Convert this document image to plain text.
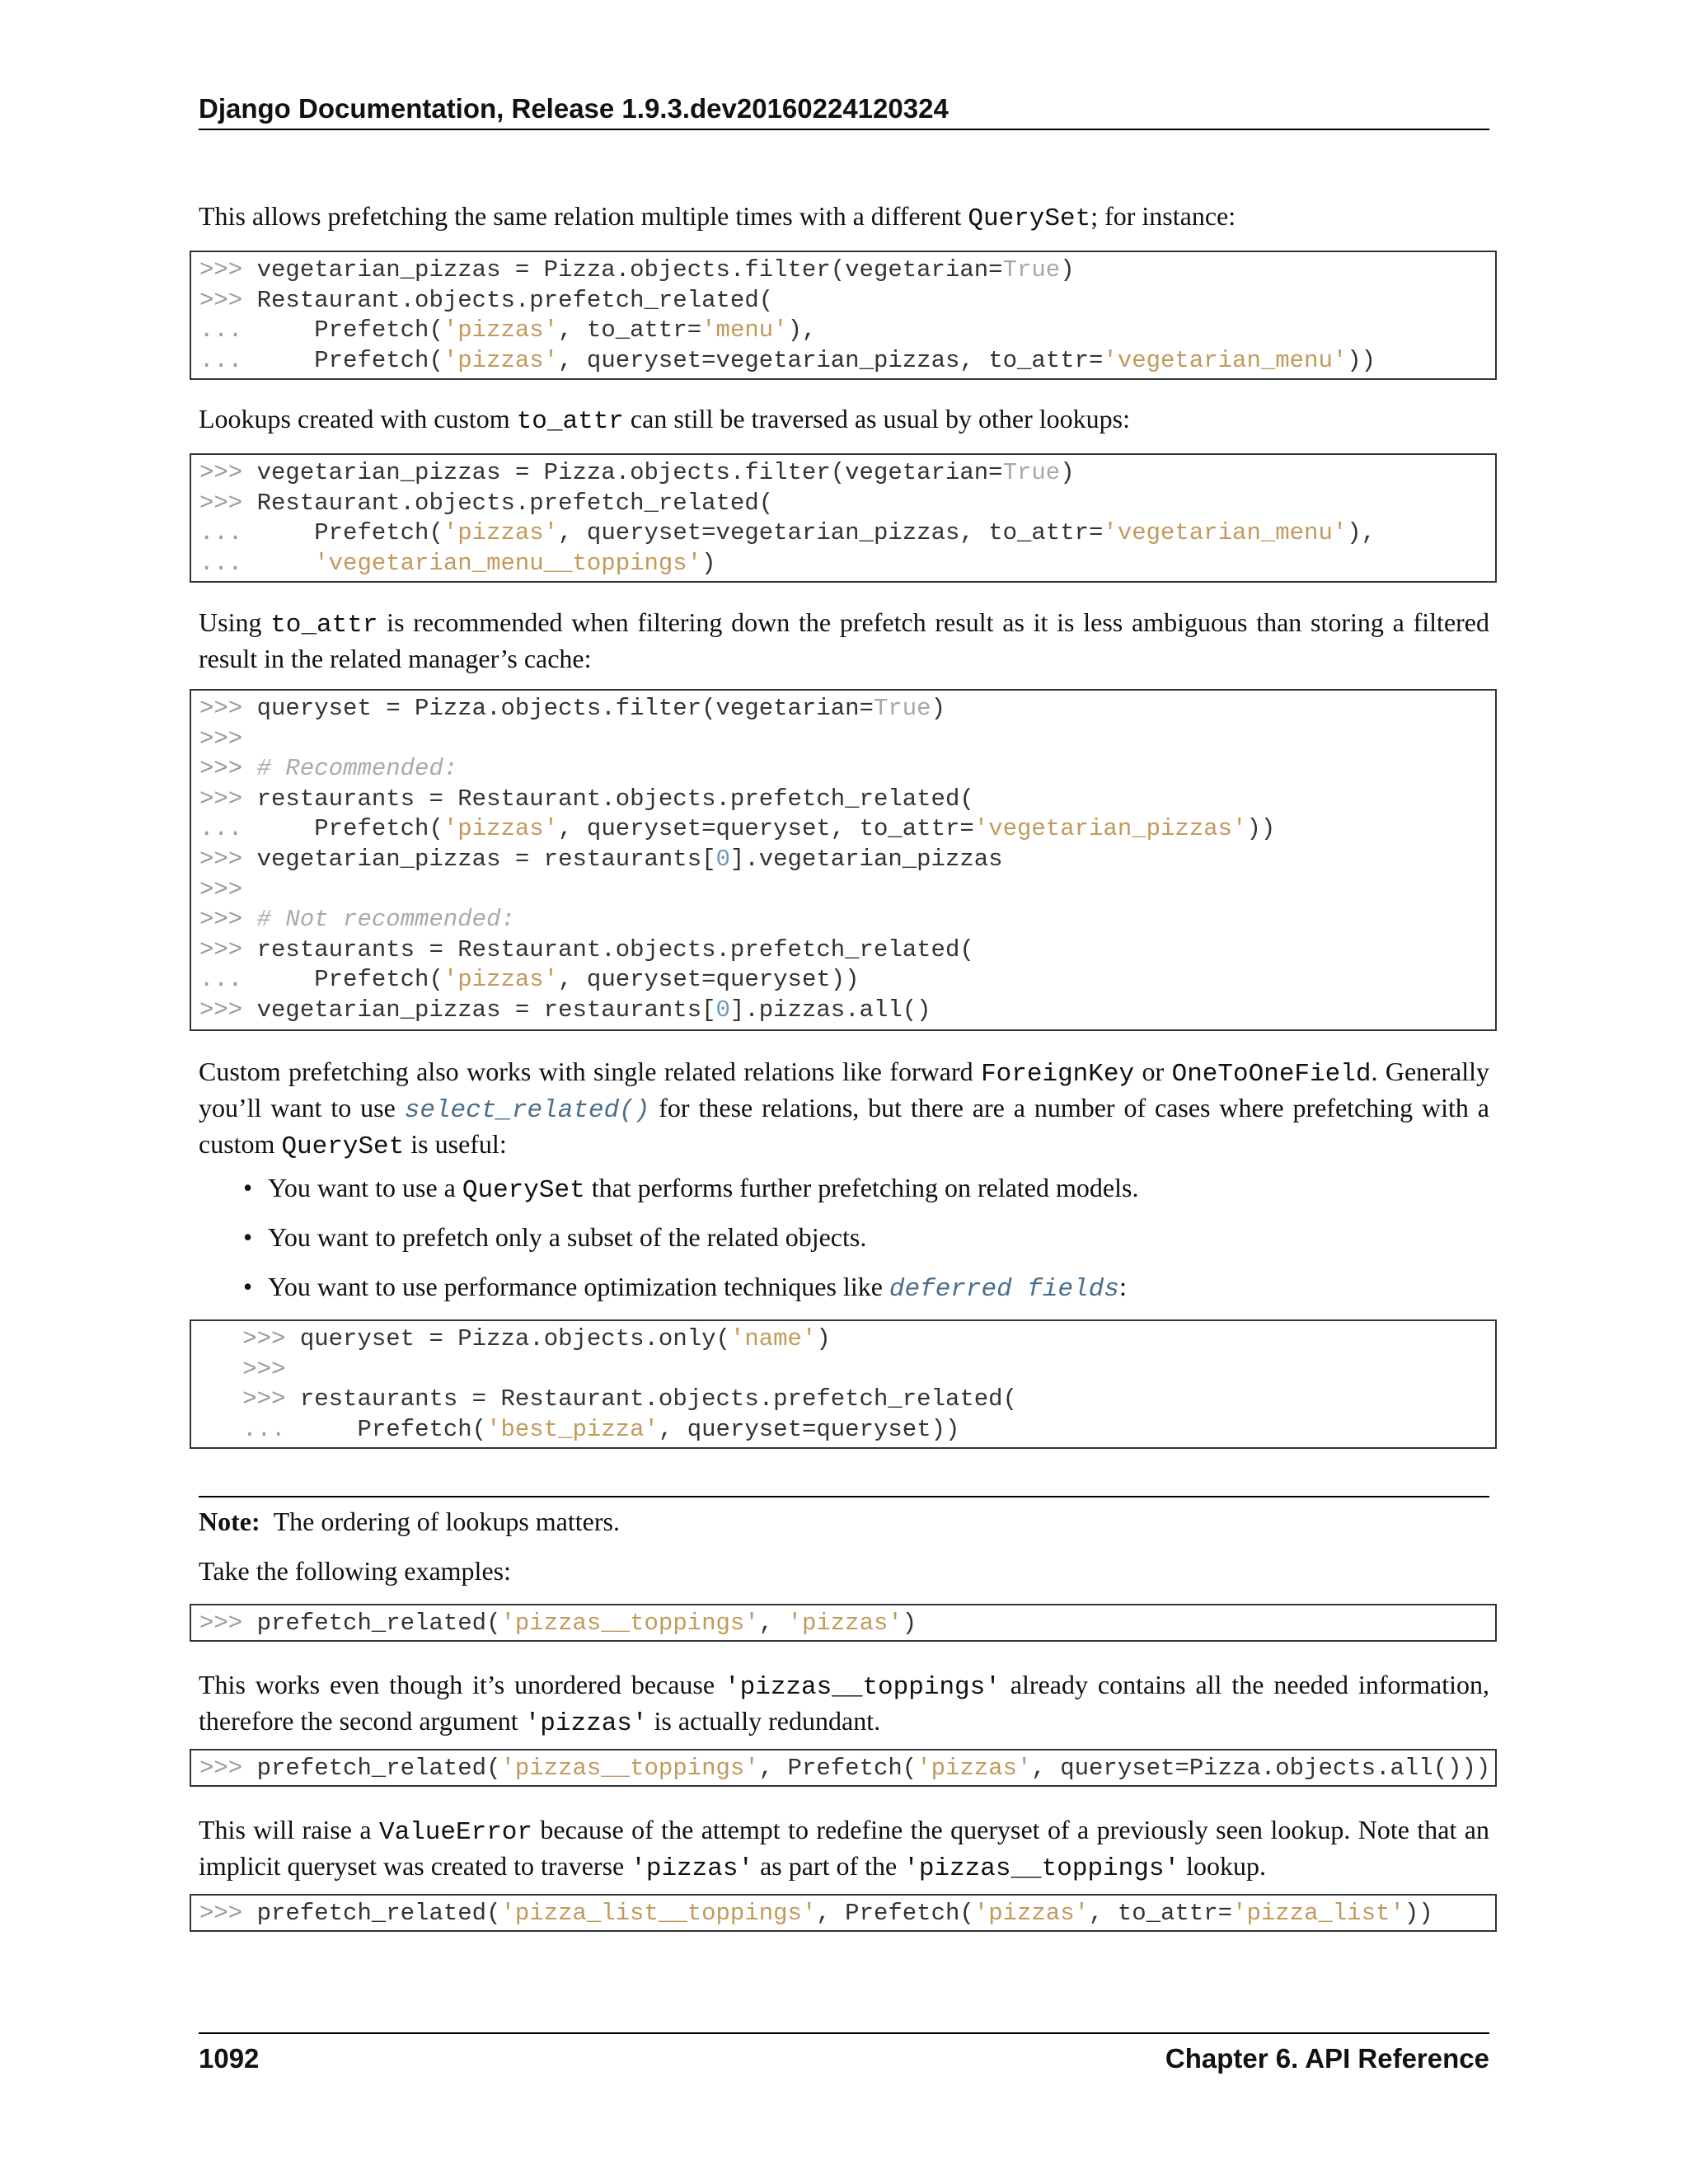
Django Documentation, Release 1.9.3.dev20160224120324

This allows prefetching the same relation multiple times with a different QuerySet; for instance:

>>> vegetarian_pizzas = Pizza.objects.filter(vegetarian=True)
>>> Restaurant.objects.prefetch_related(
...     Prefetch('pizzas', to_attr='menu'),
...     Prefetch('pizzas', queryset=vegetarian_pizzas, to_attr='vegetarian_menu'))

Lookups created with custom to_attr can still be traversed as usual by other lookups:

>>> vegetarian_pizzas = Pizza.objects.filter(vegetarian=True)
>>> Restaurant.objects.prefetch_related(
...     Prefetch('pizzas', queryset=vegetarian_pizzas, to_attr='vegetarian_menu'),
...     'vegetarian_menu__toppings')

Using to_attr is recommended when filtering down the prefetch result as it is less ambiguous than storing a filtered result in the related manager’s cache:

>>> queryset = Pizza.objects.filter(vegetarian=True)
>>>
>>> # Recommended:
>>> restaurants = Restaurant.objects.prefetch_related(
...     Prefetch('pizzas', queryset=queryset, to_attr='vegetarian_pizzas'))
>>> vegetarian_pizzas = restaurants[0].vegetarian_pizzas
>>>
>>> # Not recommended:
>>> restaurants = Restaurant.objects.prefetch_related(
...     Prefetch('pizzas', queryset=queryset))
>>> vegetarian_pizzas = restaurants[0].pizzas.all()

Custom prefetching also works with single related relations like forward ForeignKey or OneToOneField. Generally you’ll want to use select_related() for these relations, but there are a number of cases where prefetching with a custom QuerySet is useful:

• You want to use a QuerySet that performs further prefetching on related models.
• You want to prefetch only a subset of the related objects.
• You want to use performance optimization techniques like deferred fields:
>>> queryset = Pizza.objects.only('name')
>>>
>>> restaurants = Restaurant.objects.prefetch_related(
...     Prefetch('best_pizza', queryset=queryset))

Note: The ordering of lookups matters.

Take the following examples:

>>> prefetch_related('pizzas__toppings', 'pizzas')

This works even though it’s unordered because 'pizzas__toppings' already contains all the needed information, therefore the second argument 'pizzas' is actually redundant.

>>> prefetch_related('pizzas__toppings', Prefetch('pizzas', queryset=Pizza.objects.all()))

This will raise a ValueError because of the attempt to redefine the queryset of a previously seen lookup. Note that an implicit queryset was created to traverse 'pizzas' as part of the 'pizzas__toppings' lookup.

>>> prefetch_related('pizza_list__toppings', Prefetch('pizzas', to_attr='pizza_list'))
1092	Chapter 6. API Reference
